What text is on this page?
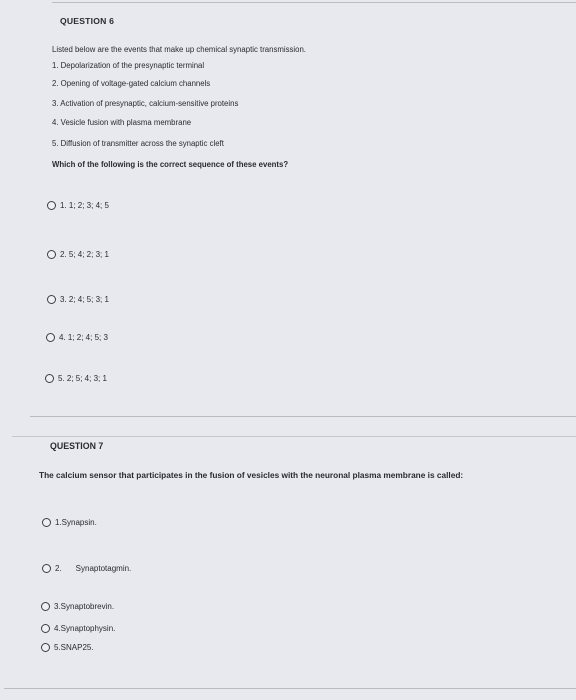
QUESTION 6
Listed below are the events that make up chemical synaptic transmission.
1. Depolarization of the presynaptic terminal
2. Opening of voltage-gated calcium channels
3. Activation of presynaptic, calcium-sensitive proteins
4. Vesicle fusion with plasma membrane
5. Diffusion of transmitter across the synaptic cleft
Which of the following is the correct sequence of these events?
1. 1; 2; 3; 4; 5
2. 5; 4; 2; 3; 1
3. 2; 4; 5; 3; 1
4. 1; 2; 4; 5; 3
5. 2; 5; 4; 3; 1
QUESTION 7
The calcium sensor that participates in the fusion of vesicles with the neuronal plasma membrane is called:
1. Synapsin.
2. Synaptotagmin.
3. Synaptobrevin.
4. Synaptophysin.
5. SNAP25.
